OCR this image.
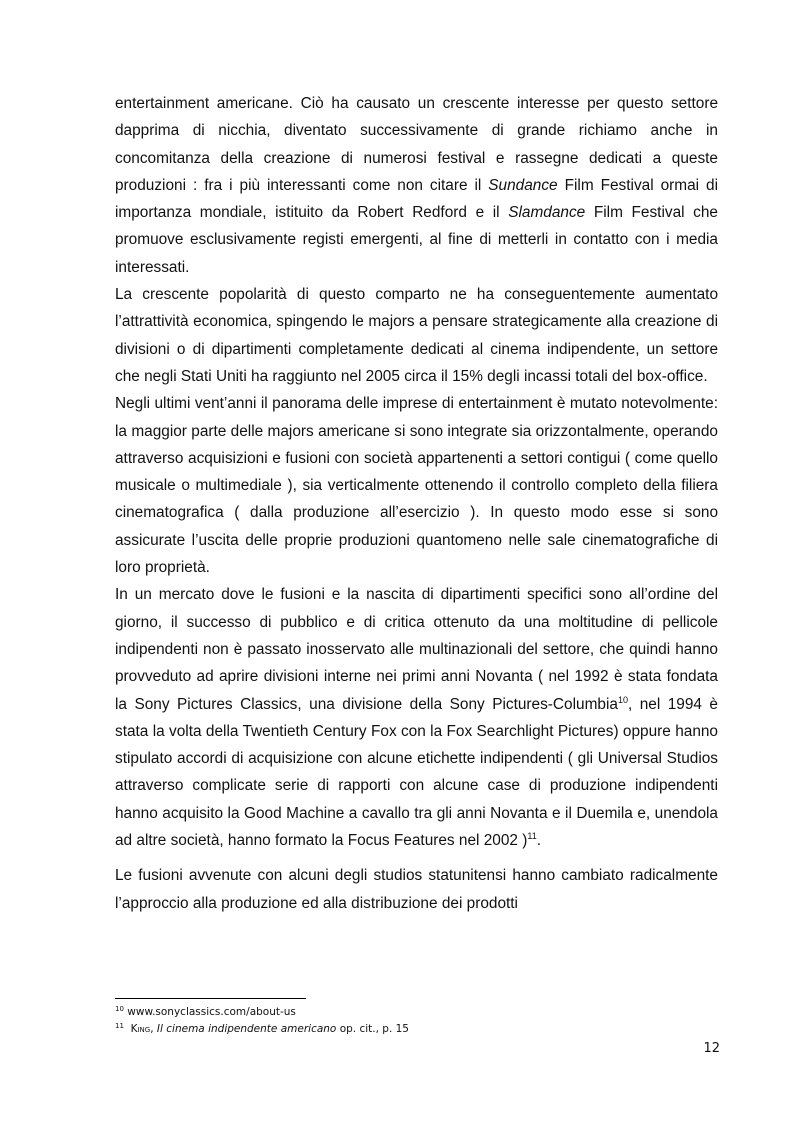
entertainment americane. Ciò ha causato un crescente interesse per questo settore dapprima di nicchia, diventato successivamente di grande richiamo anche in concomitanza della creazione di numerosi festival e rassegne dedicati a queste produzioni : fra i più interessanti come non citare il Sundance Film Festival ormai di importanza mondiale, istituito da Robert Redford e il Slamdance Film Festival che promuove esclusivamente registi emergenti, al fine di metterli in contatto con i media interessati.

La crescente popolarità di questo comparto ne ha conseguentemente aumentato l’attrattività economica, spingendo le majors a pensare strategicamente alla creazione di divisioni o di dipartimenti completamente dedicati al cinema indipendente, un settore che negli Stati Uniti ha raggiunto nel 2005 circa il 15% degli incassi totali del box-office.

Negli ultimi vent’anni il panorama delle imprese di entertainment è mutato notevolmente: la maggior parte delle majors americane si sono integrate sia orizzontalmente, operando attraverso acquisizioni e fusioni con società appartenenti a settori contigui ( come quello musicale o multimediale ), sia verticalmente ottenendo il controllo completo della filiera cinematografica ( dalla produzione all’esercizio ). In questo modo esse si sono assicurate l’uscita delle proprie produzioni quantomeno nelle sale cinematografiche di loro proprietà.

In un mercato dove le fusioni e la nascita di dipartimenti specifici sono all’ordine del giorno, il successo di pubblico e di critica ottenuto da una moltitudine di pellicole indipendenti non è passato inosservato alle multinazionali del settore, che quindi hanno provveduto ad aprire divisioni interne nei primi anni Novanta ( nel 1992 è stata fondata la Sony Pictures Classics, una divisione della Sony Pictures-Columbia$^{10}$, nel 1994 è stata la volta della Twentieth Century Fox con la Fox Searchlight Pictures) oppure hanno stipulato accordi di acquisizione con alcune etichette indipendenti ( gli Universal Studios attraverso complicate serie di rapporti con alcune case di produzione indipendenti hanno acquisito la Good Machine a cavallo tra gli anni Novanta e il Duemila e, unendola ad altre società, hanno formato la Focus Features nel 2002 )$^{11}$.

Le fusioni avvenute con alcuni degli studios statunitensi hanno cambiato radicalmente l’approccio alla produzione ed alla distribuzione dei prodotti

$^{10}$ www.sonyclassics.com/about-us
$^{11}$ King, Il cinema indipendente americano op. cit., p. 15
12
